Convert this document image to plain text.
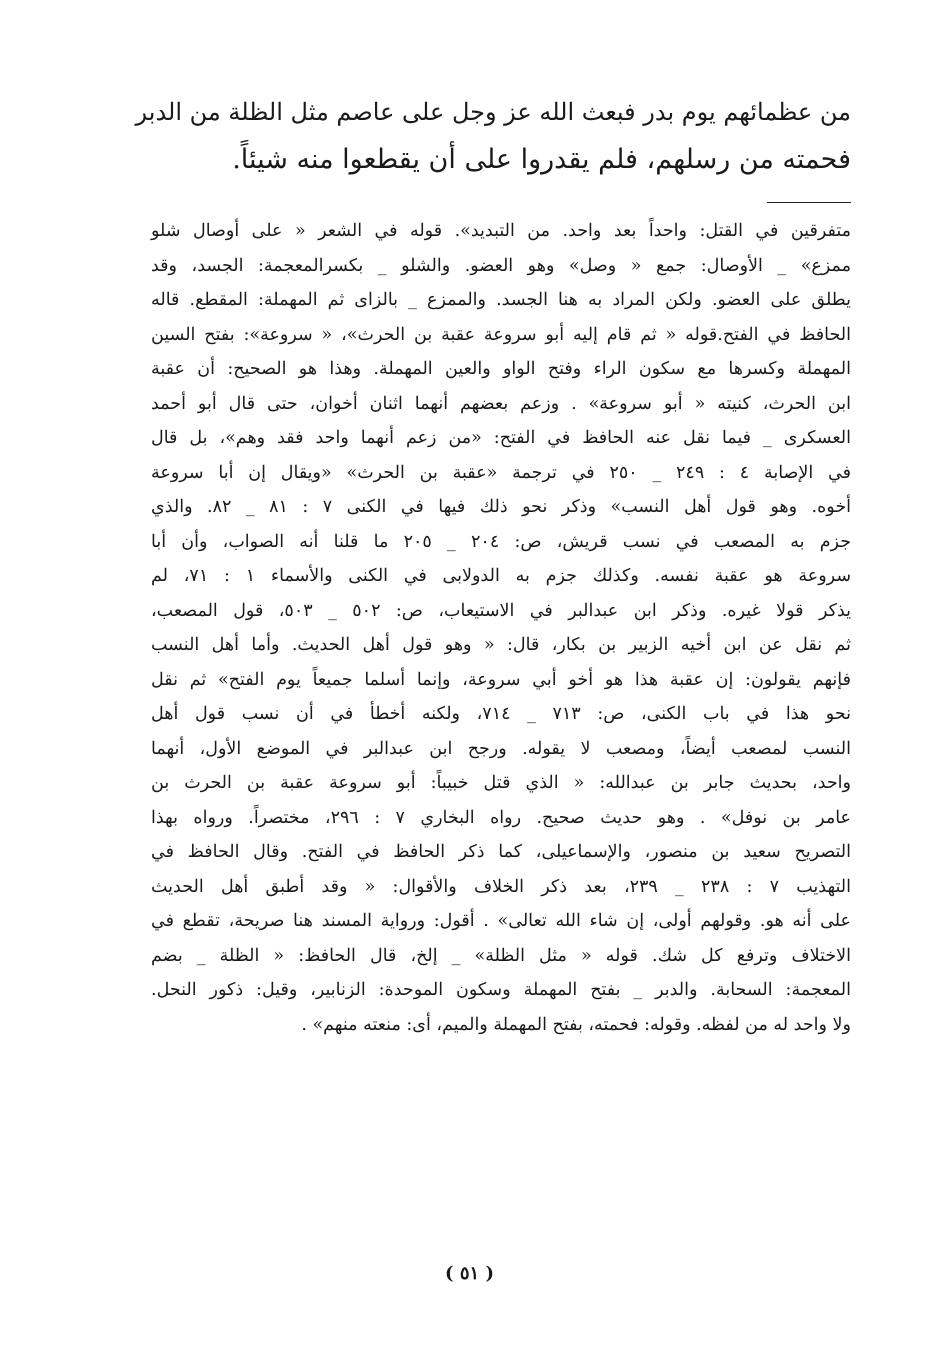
من عظمائهم يوم بدر فبعث الله عز وجل على عاصم مثل الظلة من الدبر
فحمته من رسلهم، فلم يقدروا على أن يقطعوا منه شيئاً.
متفرقين في القتل: واحداً بعد واحد. من التبديد». قوله في الشعر « على أوصال شلو
ممزع» _ الأوصال: جمع « وصل» وهو العضو. والشلو _ بكسرالمعجمة: الجسد، وقد
يطلق على العضو. ولكن المراد به هنا الجسد. والممزع _ بالزاى ثم المهملة: المقطع. قاله
الحافظ في الفتح.قوله « ثم قام إليه أبو سروعة عقبة بن الحرث»، « سروعة»: بفتح السين
المهملة وكسرها مع سكون الراء وفتح الواو والعين المهملة. وهذا هو الصحيح: أن عقبة
ابن الحرث، كنيته « أبو سروعة» . وزعم بعضهم أنهما اثنان أخوان، حتى قال أبو أحمد
العسكرى _ فيما نقل عنه الحافظ في الفتح: «من زعم أنهما واحد فقد وهم»، بل قال
في الإصابة ٤ : ٢٤٩ _ ٢٥٠ في ترجمة «عقبة بن الحرث» «ويقال إن أبا سروعة
أخوه. وهو قول أهل النسب» وذكر نحو ذلك فيها في الكنى ٧ : ٨١ _ ٨٢. والذي
جزم به المصعب في نسب قريش، ص: ٢٠٤ _ ٢٠٥ ما قلنا أنه الصواب، وأن أبا
سروعة هو عقبة نفسه. وكذلك جزم به الدولابى في الكنى والأسماء ١ : ٧١، لم
يذكر قولا غيره. وذكر ابن عبدالبر في الاستيعاب، ص: ٥٠٢ _ ٥٠٣، قول المصعب،
ثم نقل عن ابن أخيه الزبير بن بكار، قال: « وهو قول أهل الحديث. وأما أهل النسب
فإنهم يقولون: إن عقبة هذا هو أخو أبي سروعة، وإنما أسلما جميعاً يوم الفتح» ثم نقل
نحو هذا في باب الكنى، ص: ٧١٣ _ ٧١٤، ولكنه أخطأ في أن نسب قول أهل
النسب لمصعب أيضاً، ومصعب لا يقوله. ورجح ابن عبدالبر في الموضع الأول، أنهما
واحد، بحديث جابر بن عبدالله: « الذي قتل خبيباً: أبو سروعة عقبة بن الحرث بن
عامر بن نوفل» . وهو حديث صحيح. رواه البخاري ٧ : ٢٩٦، مختصراً. ورواه بهذا
التصريح سعيد بن منصور، والإسماعيلى، كما ذكر الحافظ في الفتح. وقال الحافظ في
التهذيب ٧ : ٢٣٨ _ ٢٣٩، بعد ذكر الخلاف والأقوال: « وقد أطبق أهل الحديث
على أنه هو. وقولهم أولى، إن شاء الله تعالى» . أقول: ورواية المسند هنا صريحة، تقطع في
الاختلاف وترفع كل شك. قوله « مثل الظلة» _ إلخ، قال الحافظ: « الظلة _ بضم
المعجمة: السحابة. والدبر _ بفتح المهملة وسكون الموحدة: الزنابير، وقيل: ذكور النحل.
ولا واحد له من لفظه. وقوله: فحمته، بفتح المهملة والميم، أى: منعته منهم» .
( ٥١ )
